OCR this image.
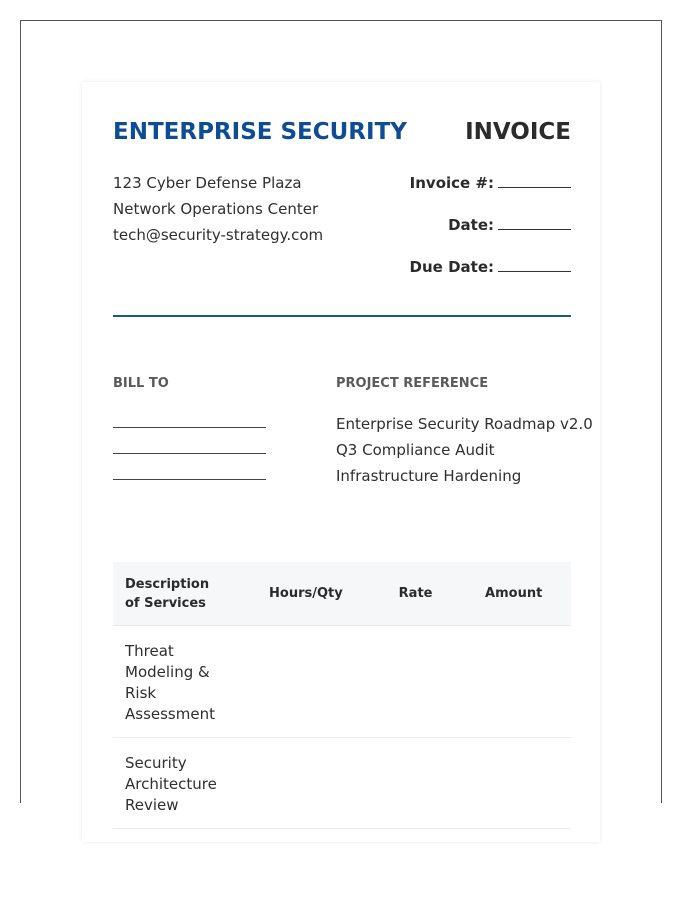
ENTERPRISE SECURITY	INVOICE
123 Cyber Defense Plaza
Network Operations Center
tech@security-strategy.com
Invoice #:
Date:
Due Date:
BILL TO	PROJECT REFERENCE
Enterprise Security Roadmap v2.0
Q3 Compliance Audit
Infrastructure Hardening
Description of Services	Hours/Qty	Rate	Amount
Threat Modeling & Risk Assessment			
Security Architecture Review			
